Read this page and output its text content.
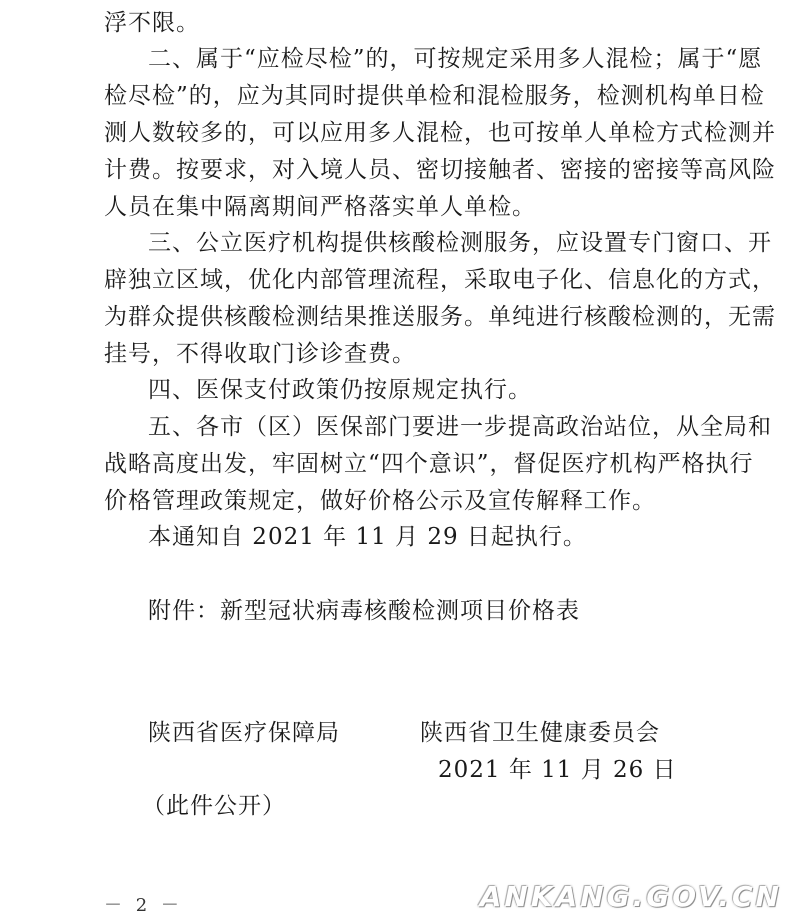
浮不限。
二、属于“应检尽检”的，可按规定采用多人混检；属于“愿
检尽检”的，应为其同时提供单检和混检服务，检测机构单日检
测人数较多的，可以应用多人混检，也可按单人单检方式检测并
计费。按要求，对入境人员、密切接触者、密接的密接等高风险
人员在集中隔离期间严格落实单人单检。
三、公立医疗机构提供核酸检测服务，应设置专门窗口、开
辟独立区域，优化内部管理流程，采取电子化、信息化的方式，
为群众提供核酸检测结果推送服务。单纯进行核酸检测的，无需
挂号，不得收取门诊诊查费。
四、医保支付政策仍按原规定执行。
五、各市（区）医保部门要进一步提高政治站位，从全局和
战略高度出发，牢固树立“四个意识”，督促医疗机构严格执行
价格管理政策规定，做好价格公示及宣传解释工作。
本通知自 2021 年 11 月 29 日起执行。
附件：新型冠状病毒核酸检测项目价格表
陕西省医疗保障局	陕西省卫生健康委员会
2021 年 11 月 26 日
（此件公开）
－ 2 －	ANKANG.GOV.CN
